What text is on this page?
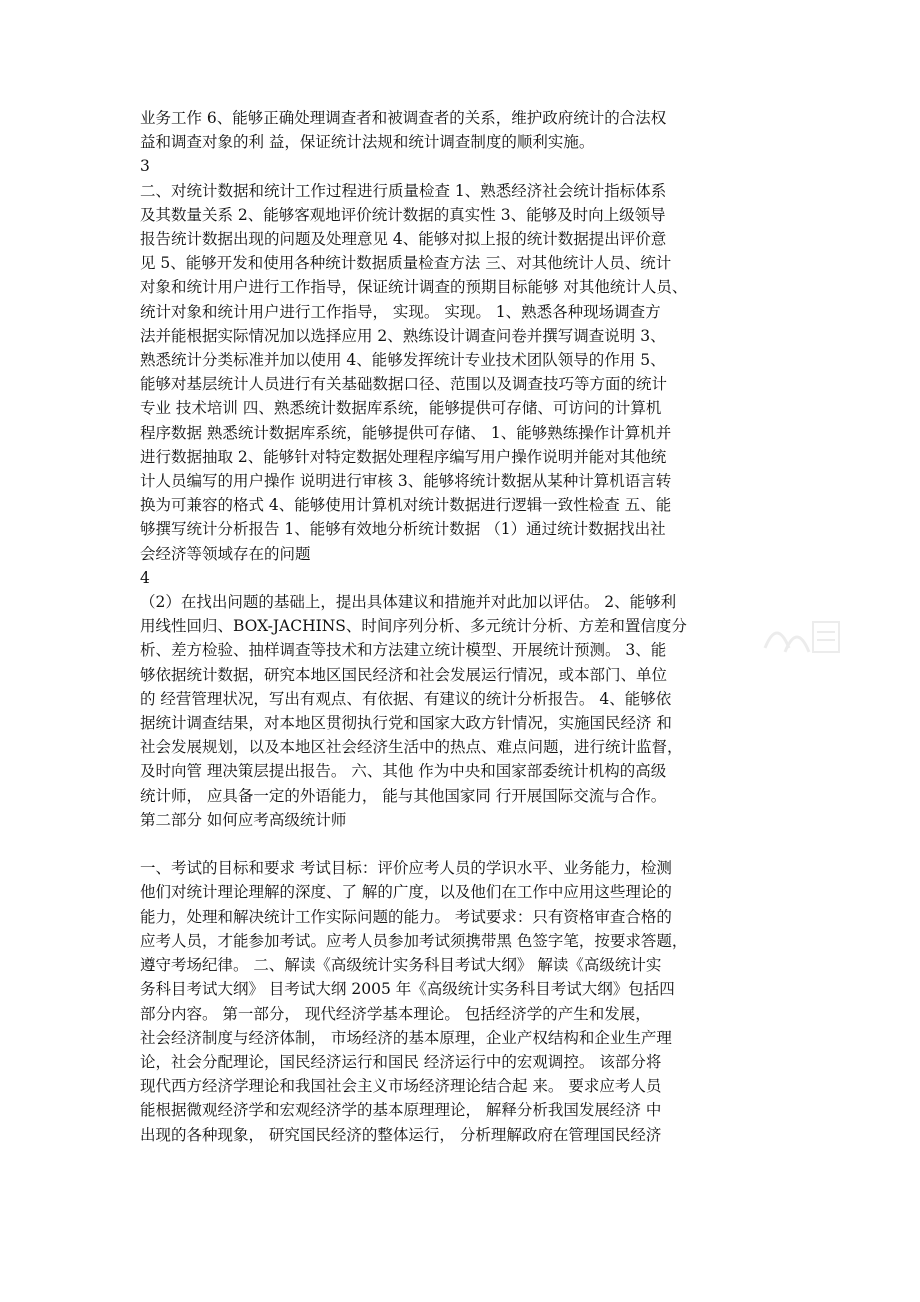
业务工作 6、能够正确处理调查者和被调查者的关系，维护政府统计的合法权
益和调查对象的利 益，保证统计法规和统计调查制度的顺利实施。
3
二、对统计数据和统计工作过程进行质量检查 1、熟悉经济社会统计指标体系
及其数量关系 2、能够客观地评价统计数据的真实性 3、能够及时向上级领导
报告统计数据出现的问题及处理意见 4、能够对拟上报的统计数据提出评价意
见 5、能够开发和使用各种统计数据质量检查方法 三、对其他统计人员、统计
对象和统计用户进行工作指导，保证统计调查的预期目标能够 对其他统计人员、
统计对象和统计用户进行工作指导， 实现。 实现。 1、熟悉各种现场调查方
法并能根据实际情况加以选择应用 2、熟练设计调查问卷并撰写调查说明 3、
熟悉统计分类标准并加以使用 4、能够发挥统计专业技术团队领导的作用 5、
能够对基层统计人员进行有关基础数据口径、范围以及调查技巧等方面的统计
专业 技术培训 四、熟悉统计数据库系统，能够提供可存储、可访问的计算机
程序数据 熟悉统计数据库系统，能够提供可存储、 1、能够熟练操作计算机并
进行数据抽取 2、能够针对特定数据处理程序编写用户操作说明并能对其他统
计人员编写的用户操作 说明进行审核 3、能够将统计数据从某种计算机语言转
换为可兼容的格式 4、能够使用计算机对统计数据进行逻辑一致性检查 五、能
够撰写统计分析报告 1、能够有效地分析统计数据 （1）通过统计数据找出社
会经济等领域存在的问题
4
（2）在找出问题的基础上，提出具体建议和措施并对此加以评估。 2、能够利
用线性回归、BOX-JACHINS、时间序列分析、多元统计分析、方差和置信度分
析、差方检验、抽样调查等技术和方法建立统计模型、开展统计预测。 3、能
够依据统计数据，研究本地区国民经济和社会发展运行情况，或本部门、单位
的 经营管理状况，写出有观点、有依据、有建议的统计分析报告。 4、能够依
据统计调查结果，对本地区贯彻执行党和国家大政方针情况，实施国民经济 和
社会发展规划，以及本地区社会经济生活中的热点、难点问题，进行统计监督，
及时向管 理决策层提出报告。 六、其他 作为中央和国家部委统计机构的高级
统计师， 应具备一定的外语能力， 能与其他国家同 行开展国际交流与合作。
第二部分 如何应考高级统计师
一、考试的目标和要求 考试目标：评价应考人员的学识水平、业务能力，检测
他们对统计理论理解的深度、了 解的广度，以及他们在工作中应用这些理论的
能力，处理和解决统计工作实际问题的能力。 考试要求：只有资格审查合格的
应考人员，才能参加考试。应考人员参加考试须携带黑 色签字笔，按要求答题，
遵守考场纪律。 二、解读《高级统计实务科目考试大纲》 解读《高级统计实
务科目考试大纲》 目考试大纲 2005 年《高级统计实务科目考试大纲》包括四
部分内容。 第一部分， 现代经济学基本理论。 包括经济学的产生和发展，
社会经济制度与经济体制， 市场经济的基本原理，企业产权结构和企业生产理
论，社会分配理论，国民经济运行和国民 经济运行中的宏观调控。 该部分将
现代西方经济学理论和我国社会主义市场经济理论结合起 来。 要求应考人员
能根据微观经济学和宏观经济学的基本原理理论， 解释分析我国发展经济 中
出现的各种现象， 研究国民经济的整体运行， 分析理解政府在管理国民经济
